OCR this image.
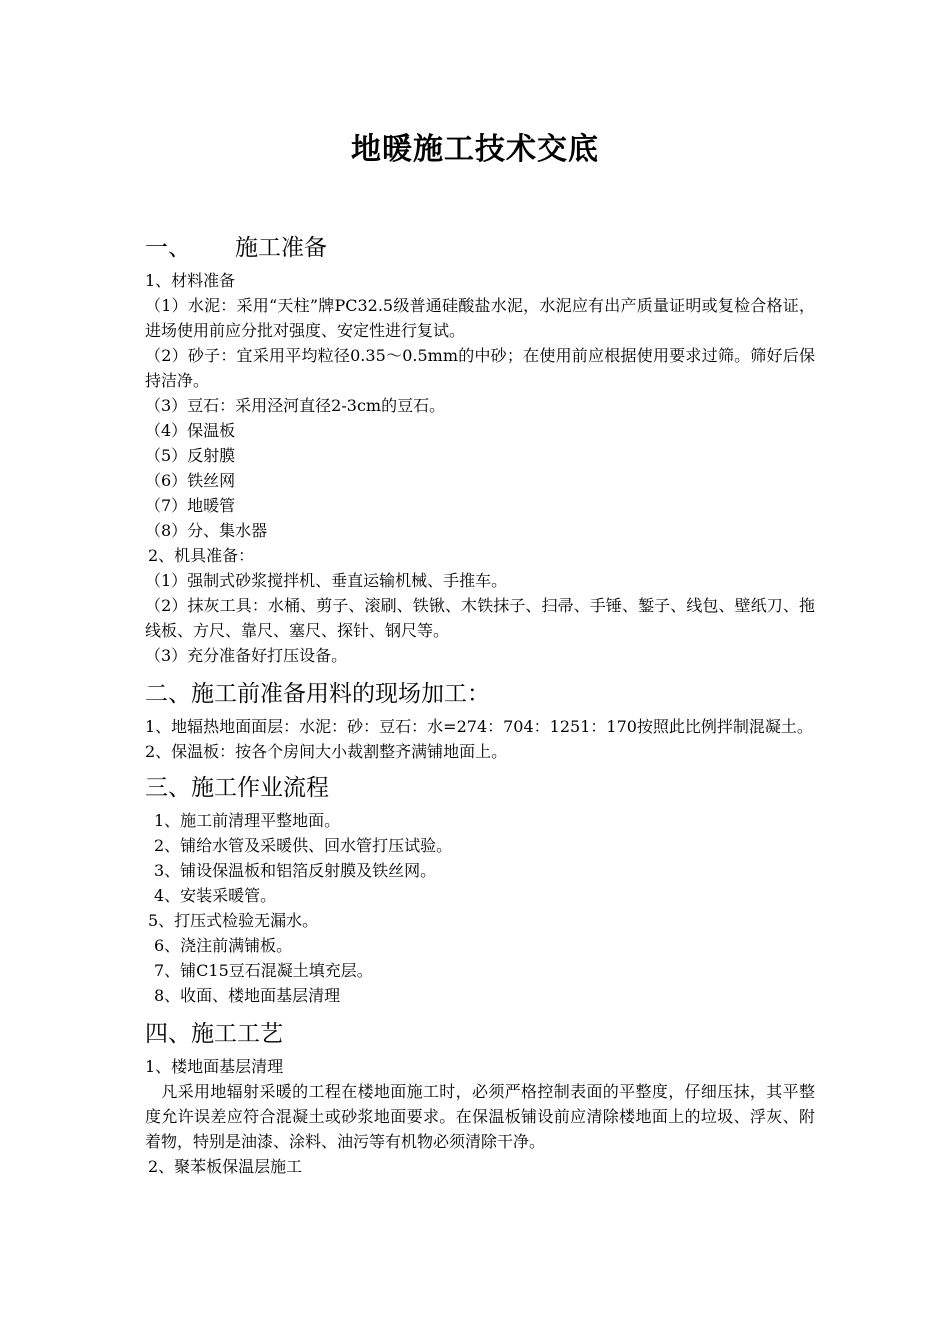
地暖施工技术交底
一、 施工准备

1、材料准备

（1）水泥：采用“天柱”牌PC32.5级普通硅酸盐水泥，水泥应有出产质量证明或复检合格证，进场使用前应分批对强度、安定性进行复试。

（2）砂子：宜采用平均粒径0.35～0.5mm的中砂；在使用前应根据使用要求过筛。筛好后保持洁净。

（3）豆石：采用泾河直径2-3cm的豆石。

（4）保温板

（5）反射膜

（6）铁丝网

（7）地暖管

（8）分、集水器

2、机具准备：

（1）强制式砂浆搅拌机、垂直运输机械、手推车。

（2）抹灰工具：水桶、剪子、滚刷、铁锹、木铁抹子、扫帚、手锤、錾子、线包、壁纸刀、拖线板、方尺、靠尺、塞尺、探针、钢尺等。

（3）充分准备好打压设备。

二、施工前准备用料的现场加工：

1、地辐热地面面层：水泥：砂：豆石：水=274：704：1251：170按照此比例拌制混凝土。

2、保温板：按各个房间大小裁割整齐满铺地面上。

三、施工作业流程

1、施工前清理平整地面。

2、铺给水管及采暖供、回水管打压试验。

3、铺设保温板和铝箔反射膜及铁丝网。

4、安装采暖管。

5、打压式检验无漏水。

6、浇注前满铺板。

7、铺C15豆石混凝土填充层。

8、收面、楼地面基层清理

四、施工工艺

1、楼地面基层清理

凡采用地辐射采暖的工程在楼地面施工时，必须严格控制表面的平整度，仔细压抹，其平整度允许误差应符合混凝土或砂浆地面要求。在保温板铺设前应清除楼地面上的垃圾、浮灰、附着物，特别是油漆、涂料、油污等有机物必须清除干净。

2、聚苯板保温层施工
